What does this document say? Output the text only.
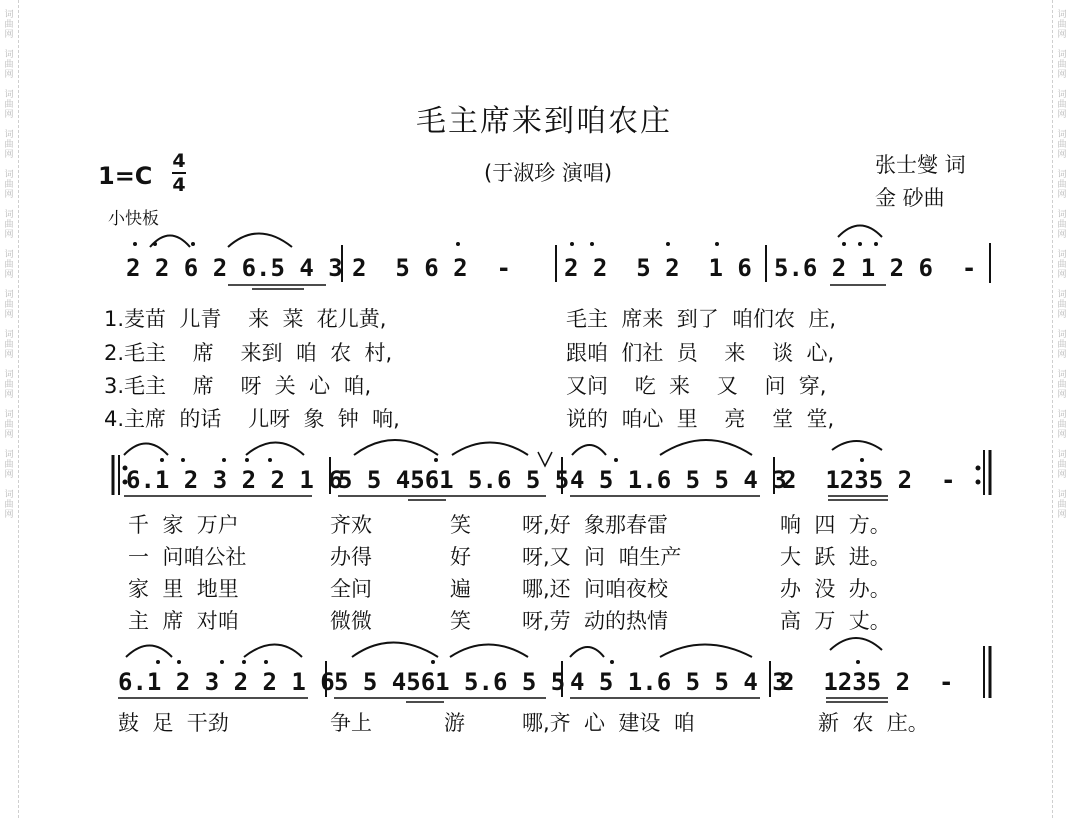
词曲网
词曲网
词曲网
词曲网
词曲网
词曲网
词曲网
词曲网
词曲网
词曲网
词曲网
词曲网
词曲网
词曲网
词曲网
词曲网
词曲网
词曲网
词曲网
词曲网
词曲网
词曲网
词曲网
词曲网
词曲网
词曲网
毛主席来到咱农庄
(于淑珍 演唱)
1=C
4
4
小快板
张士燮 词
金 砂曲
2 2 6 2 6.5 4 3 2  5 6 2  - 2 2  5 2  1 6 5.6 2 1 2 6  -
1.麦苗  儿青    来  菜  花儿黄,	毛主  席来  到了  咱们农  庄,
2.毛主    席    来到  咱  农  村,	跟咱  们社  员    来    谈  心,
3.毛主    席    呀  关  心  咱,	又问    吃  来    又    问  穿,
4.主席  的话    儿呀  象  钟  响,	说的  咱心  里    亮    堂  堂,
6.1 2 3 2 2 1 6
5 5 4561 5.6 5 5 4 5 1.6 5 5 4 3
2  1235 2  -
千  家  万户	齐欢	笑 呀,好  象那春雷	响  四  方。
一  问咱公社	办得	好 呀,又  问  咱生产	大  跃  进。
家  里  地里	全问	遍 哪,还  问咱夜校	办  没  办。
主  席  对咱	微微	笑 呀,劳  动的热情	高  万  丈。
6.1 2 3 2 2 1 6 5 5 4561 5.6 5 5 4 5 1.6 5 5 4 3
2  1235 2  -
鼓  足  干劲	争上	游	哪,齐  心  建设  咱	新  农  庄。
